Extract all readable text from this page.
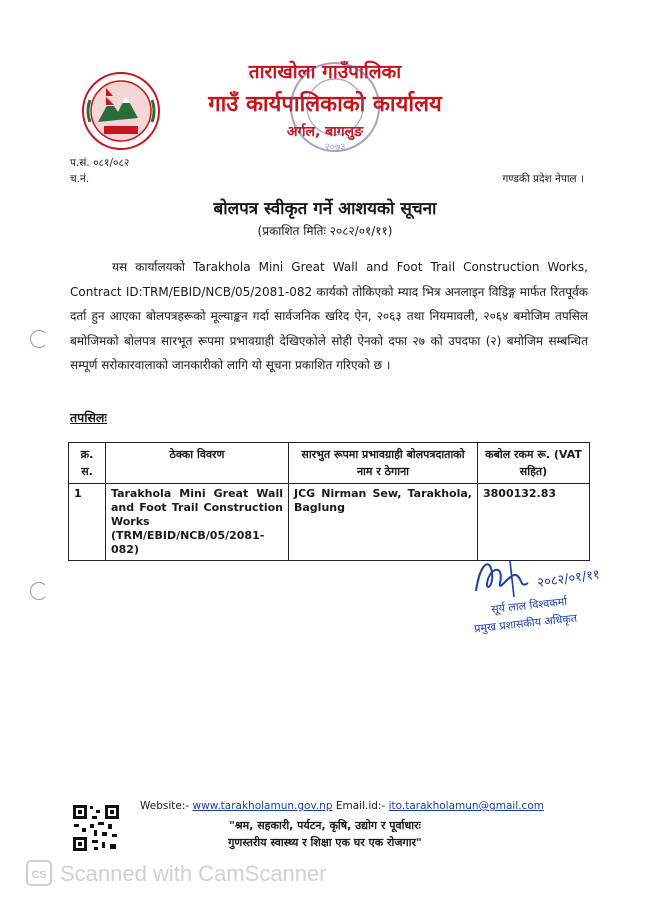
ताराखोला गाउँपालिका
गाउँ कार्यपालिकाको कार्यालय
अर्गल, बागलुङ
२०७३
प.सं. ०८१/०८२
च.नं.	गण्डकी प्रदेश नेपाल ।
बोलपत्र स्वीकृत गर्ने आशयको सूचना
(प्रकाशित मितिः २०८२/०१/११)
यस कार्यालयको Tarakhola Mini Great Wall and Foot Trail Construction Works, Contract ID:TRM/EBID/NCB/05/2081-082 कार्यको तोकिएको म्याद भित्र अनलाइन विडिङ्ग मार्फत रितपूर्वक दर्ता हुन आएका बोलपत्रहरूको मूल्याङ्कन गर्दा सार्वजनिक खरिद ऐन, २०६३ तथा नियमावली, २०६४ बमोजिम तपसिल बमोजिमको बोलपत्र सारभूत रूपमा प्रभावग्राही देखिएकोले सोही ऐनको दफा २७ को उपदफा (२) बमोजिम सम्बन्धित सम्पूर्ण सरोकारवालाको जानकारीको लागि यो सूचना प्रकाशित गरिएको छ ।
तपसिलः
क्र. स.	ठेक्का विवरण	सारभुत रूपमा प्रभावग्राही बोलपत्रदाताको नाम र ठेगाना	कबोल रकम रू. (VAT सहित)
1	Tarakhola Mini Great Wall and Foot Trail Construction Works (TRM/EBID/NCB/05/2081-082)	JCG Nirman Sew, Tarakhola, Baglung	3800132.83
२०८२/०१/११
सूर्य लाल विश्वकर्मा
प्रमुख प्रशासकीय अधिकृत
Website:- www.tarakholamun.gov.np Email.id:- ito.tarakholamun@gmail.com
"श्रम, सहकारी, पर्यटन, कृषि, उद्योग र पूर्वाधारः
गुणस्तरीय स्वास्थ्य र शिक्षा एक घर एक रोजगार"
CS Scanned with CamScanner
